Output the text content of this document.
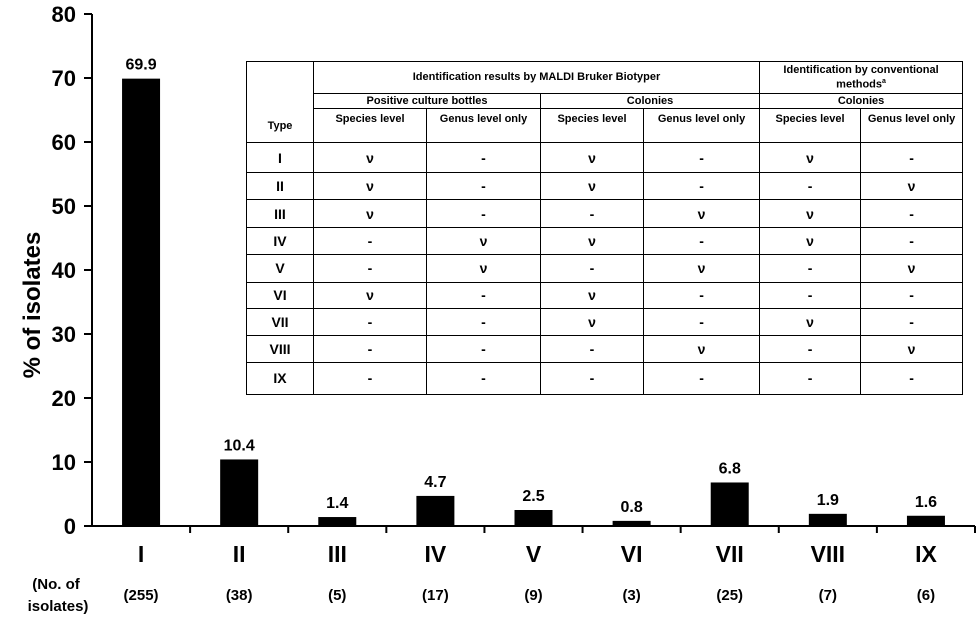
% of isolates
0
10
20
30
40
50
60
70
80
69.9
10.4
1.4
4.7
2.5
0.8
6.8
1.9	1.6
I
(255)
II
(38)
III
(5)
IV
(17)
V
(9)
VI
(3)
VII
(25)
VIII
(7)
IX
(6)
(No. of
isolates)
	Identification results by MALDI Bruker Biotyper				Identification by conventional methods$^a$
	Positive culture bottles		Colonies		Colonies	
Type	Species level	Genus level only	Species level	Genus level only	Species level	Genus level only
I	ν	-	ν	-	ν	-
II	ν	-	ν	-	-	ν
III	ν	-	-	ν	ν	-
IV	-	ν	ν	-	ν	-
V	-	ν	-	ν	-	ν
VI	ν	-	ν	-	-	-
VII	-	-	ν	-	ν	-
VIII	-	-	-	ν	-	ν
IX	-	-	-	-	-	-
